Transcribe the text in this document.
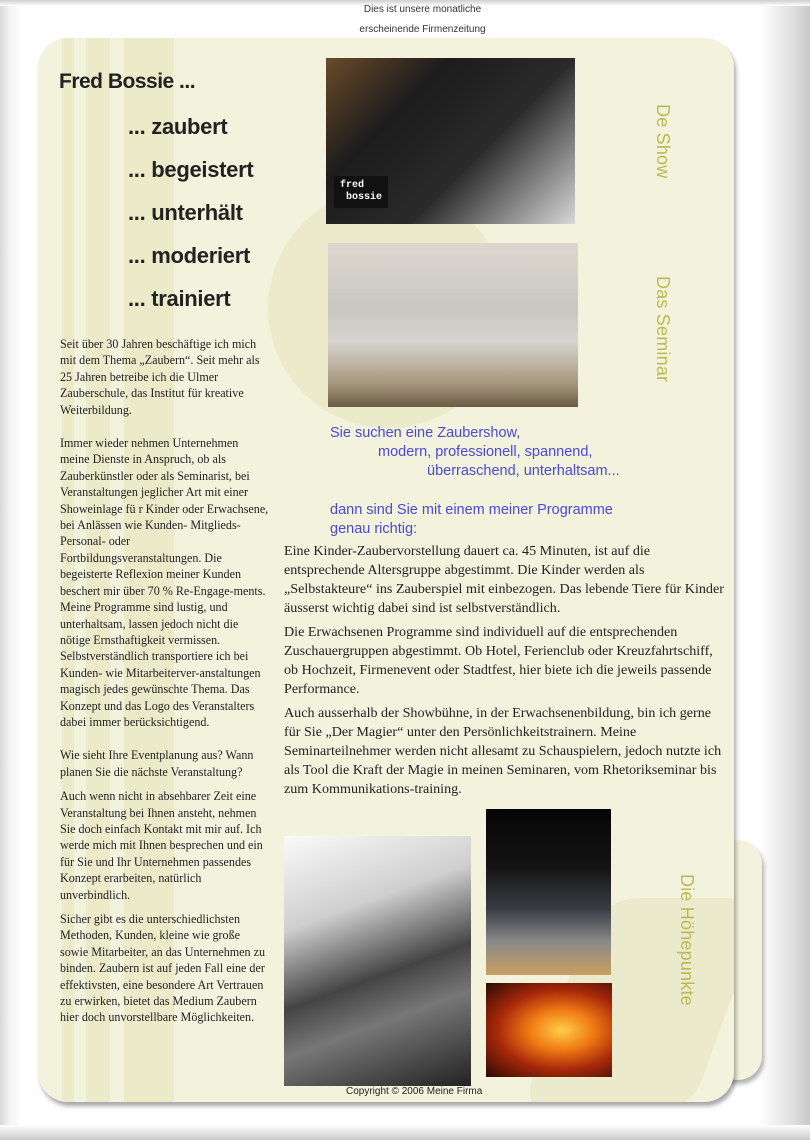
Dies ist unsere monatliche
erscheinende Firmenzeitung
Fred Bossie ...
... zaubert
... begeistert
... unterhält
... moderiert
... trainiert

Seit über 30 Jahren beschäftige ich mich mit dem Thema „Zaubern“. Seit mehr als 25 Jahren betreibe ich die Ulmer Zauberschule, das Institut für kreative Weiterbildung.

Immer wieder nehmen Unternehmen meine Dienste in Anspruch, ob als Zauberkünstler oder als Seminarist, bei Veranstaltungen jeglicher Art mit einer Showeinlage fü r Kinder oder Erwachsene, bei Anlässen wie Kunden- Mitglieds- Personal- oder Fortbildungsveranstaltungen. Die begeisterte Reflexion meiner Kunden beschert mir über 70 % Re-Engage-ments. Meine Programme sind lustig, und unterhaltsam, lassen jedoch nicht die nötige Ernsthaftigkeit vermissen. Selbstverständlich transportiere ich bei Kunden- wie Mitarbeiterver-anstaltungen magisch jedes gewünschte Thema. Das Konzept und das Logo des Veranstalters dabei immer berücksichtigend.

Wie sieht Ihre Eventplanung aus? Wann planen Sie die nächste Veranstaltung?

Auch wenn nicht in absehbarer Zeit eine Veranstaltung bei Ihnen ansteht, nehmen Sie doch einfach Kontakt mit mir auf. Ich werde mich mit Ihnen besprechen und ein für Sie und Ihr Unternehmen passendes Konzept erarbeiten, natürlich unverbindlich.

Sicher gibt es die unterschiedlichsten Methoden, Kunden, kleine wie große sowie Mitarbeiter, an das Unternehmen zu binden. Zaubern ist auf jeden Fall eine der effektivsten, eine besondere Art Vertrauen zu erwirken, bietet das Medium Zaubern hier doch unvorstellbare Möglichkeiten.

fred
bossie
De Show
Das Seminar
Die Höhepunkte
Sie suchen eine Zaubershow,
modern, professionell, spannend,
überraschend, unterhaltsam...
dann sind Sie mit einem meiner Programme
genau richtig:

Eine Kinder-Zaubervorstellung dauert ca. 45 Minuten, ist auf die entsprechende Altersgruppe abgestimmt. Die Kinder werden als „Selbstakteure“ ins Zauberspiel mit einbezogen. Das lebende Tiere für Kinder äusserst wichtig dabei sind ist selbstverständlich.

Die Erwachsenen Programme sind individuell auf die entsprechenden Zuschauergruppen abgestimmt. Ob Hotel, Ferienclub oder Kreuzfahrtschiff, ob Hochzeit, Firmenevent oder Stadtfest, hier biete ich die jeweils passende Performance.

Auch ausserhalb der Showbühne, in der Erwachsenenbildung, bin ich gerne für Sie „Der Magier“ unter den Persönlichkeitstrainern. Meine Seminarteilnehmer werden nicht allesamt zu Schauspielern, jedoch nutzte ich als Tool die Kraft der Magie in meinen Seminaren, vom Rhetorikseminar bis zum Kommunikations-training.

Copyright © 2006 Meine Firma
